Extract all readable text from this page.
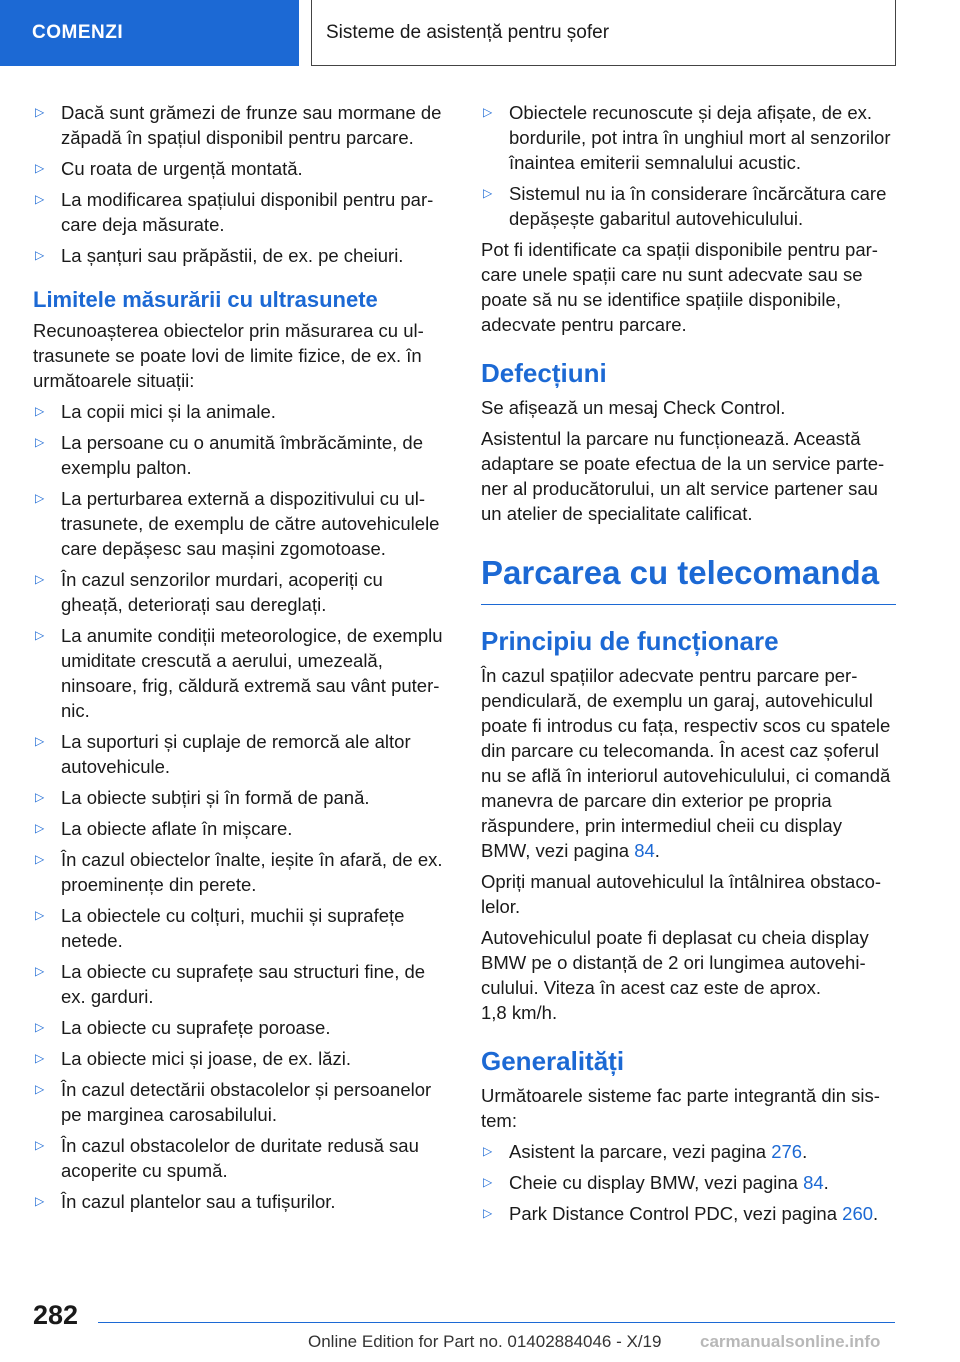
COMENZI	Sisteme de asistență pentru șofer
▷ Dacă sunt grămezi de frunze sau mormane de zăpadă în spațiul disponibil pentru parcare.
▷ Cu roata de urgență montată.
▷ La modificarea spațiului disponibil pentru parcare deja măsurate.
▷ La șanțuri sau prăpăstii, de ex. pe cheiuri.
Limitele măsurării cu ultrasunete

Recunoașterea obiectelor prin măsurarea cu ultrasunete se poate lovi de limite fizice, de ex. în următoarele situații:

▷ La copii mici și la animale.
▷ La persoane cu o anumită îmbrăcăminte, de exemplu palton.
▷ La perturbarea externă a dispozitivului cu ultrasunete, de exemplu de către autovehiculele care depășesc sau mașini zgomotoase.
▷ În cazul senzorilor murdari, acoperiți cu gheață, deteriorați sau dereglați.
▷ La anumite condiții meteorologice, de exemplu umiditate crescută a aerului, umezeală, ninsoare, frig, căldură extremă sau vânt puternic.
▷ La suporturi și cuplaje de remorcă ale altor autovehicule.
▷ La obiecte subțiri și în formă de pană.
▷ La obiecte aflate în mișcare.
▷ În cazul obiectelor înalte, ieșite în afară, de ex. proeminențe din perete.
▷ La obiectele cu colțuri, muchii și suprafețe netede.
▷ La obiecte cu suprafețe sau structuri fine, de ex. garduri.
▷ La obiecte cu suprafețe poroase.
▷ La obiecte mici și joase, de ex. lăzi.
▷ În cazul detectării obstacolelor și persoanelor pe marginea carosabilului.
▷ În cazul obstacolelor de duritate redusă sau acoperite cu spumă.
▷ În cazul plantelor sau a tufișurilor.
▷ Obiectele recunoscute și deja afișate, de ex. bordurile, pot intra în unghiul mort al senzorilor înaintea emiterii semnalului acustic.
▷ Sistemul nu ia în considerare încărcătura care depășește gabaritul autovehiculului.

Pot fi identificate ca spații disponibile pentru parcare unele spații care nu sunt adecvate sau se poate să nu se identifice spațiile disponibile, adecvate pentru parcare.

Defecțiuni

Se afișează un mesaj Check Control.

Asistentul la parcare nu funcționează. Această adaptare se poate efectua de la un service partener al producătorului, un alt service partener sau un atelier de specialitate calificat.

Parcarea cu telecomanda
Principiu de funcționare

În cazul spațiilor adecvate pentru parcare perpendiculară, de exemplu un garaj, autovehiculul poate fi introdus cu fața, respectiv scos cu spatele din parcare cu telecomanda. În acest caz șoferul nu se află în interiorul autovehiculului, ci comandă manevra de parcare din exterior pe propria răspundere, prin intermediul cheii cu display BMW, vezi pagina 84.

Opriți manual autovehiculul la întâlnirea obstacolelor.

Autovehiculul poate fi deplasat cu cheia display BMW pe o distanță de 2 ori lungimea autovehiculului. Viteza în acest caz este de aprox.
1,8 km/h.

Generalități

Următoarele sisteme fac parte integrantă din sistem:

▷ Asistent la parcare, vezi pagina 276.
▷ Cheie cu display BMW, vezi pagina 84.
▷ Park Distance Control PDC, vezi pagina 260.
282
Online Edition for Part no. 01402884046 - X/19 carmanualsonline.info
